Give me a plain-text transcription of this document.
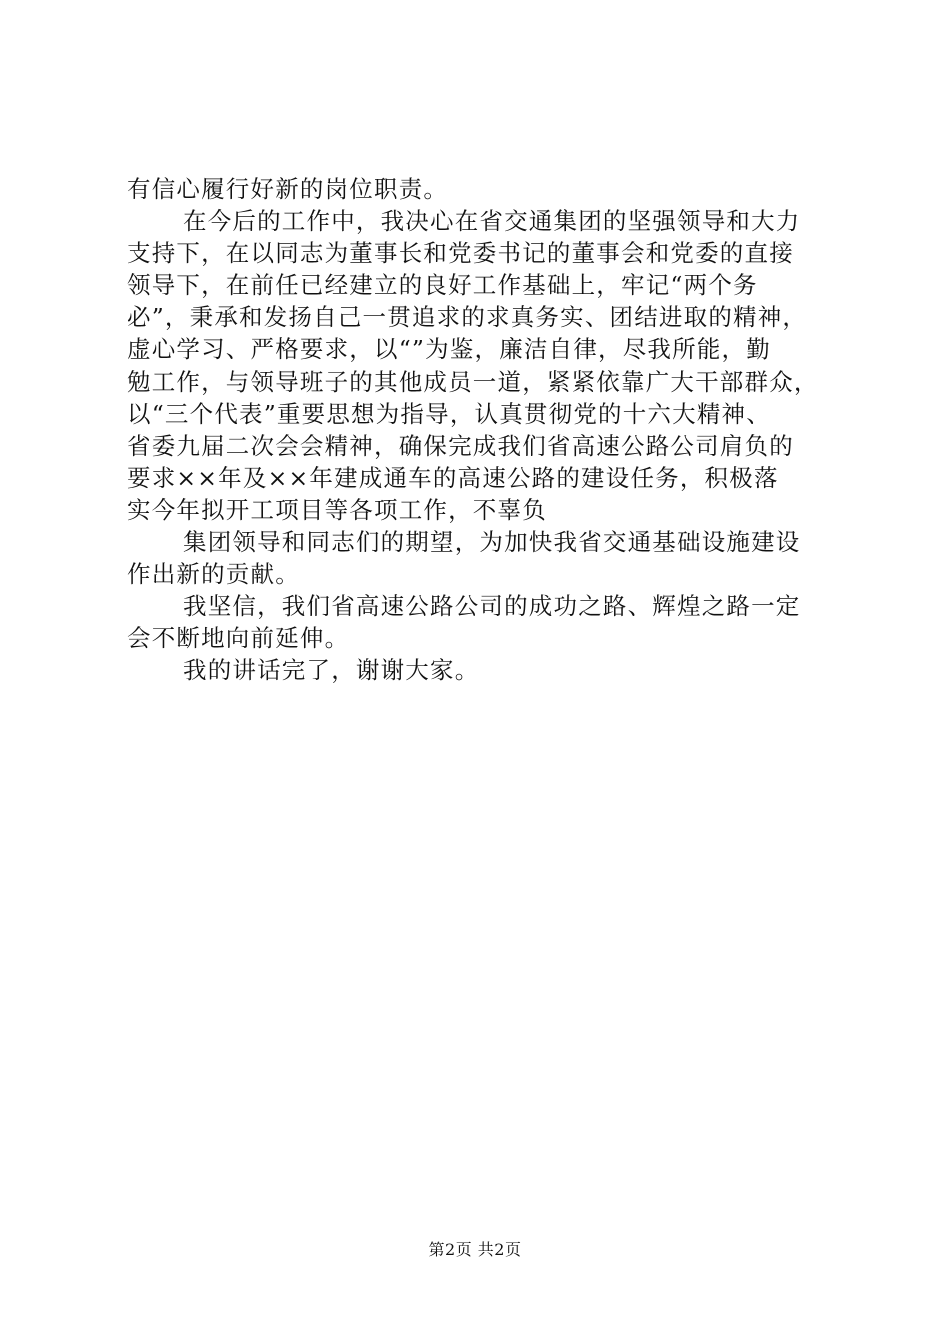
有信心履行好新的岗位职责。
在今后的工作中，我决心在省交通集团的坚强领导和大力
支持下，在以同志为董事长和党委书记的董事会和党委的直接
领导下，在前任已经建立的良好工作基础上，牢记“两个务
必”，秉承和发扬自己一贯追求的求真务实、团结进取的精神，
虚心学习、严格要求，以“”为鉴，廉洁自律，尽我所能，勤
勉工作，与领导班子的其他成员一道，紧紧依靠广大干部群众，
以“三个代表”重要思想为指导，认真贯彻党的十六大精神、
省委九届二次会会精神，确保完成我们省高速公路公司肩负的
要求××年及××年建成通车的高速公路的建设任务，积极落
实今年拟开工项目等各项工作，不辜负
集团领导和同志们的期望，为加快我省交通基础设施建设
作出新的贡献。
我坚信，我们省高速公路公司的成功之路、辉煌之路一定
会不断地向前延伸。
我的讲话完了，谢谢大家。
第2页 共2页
